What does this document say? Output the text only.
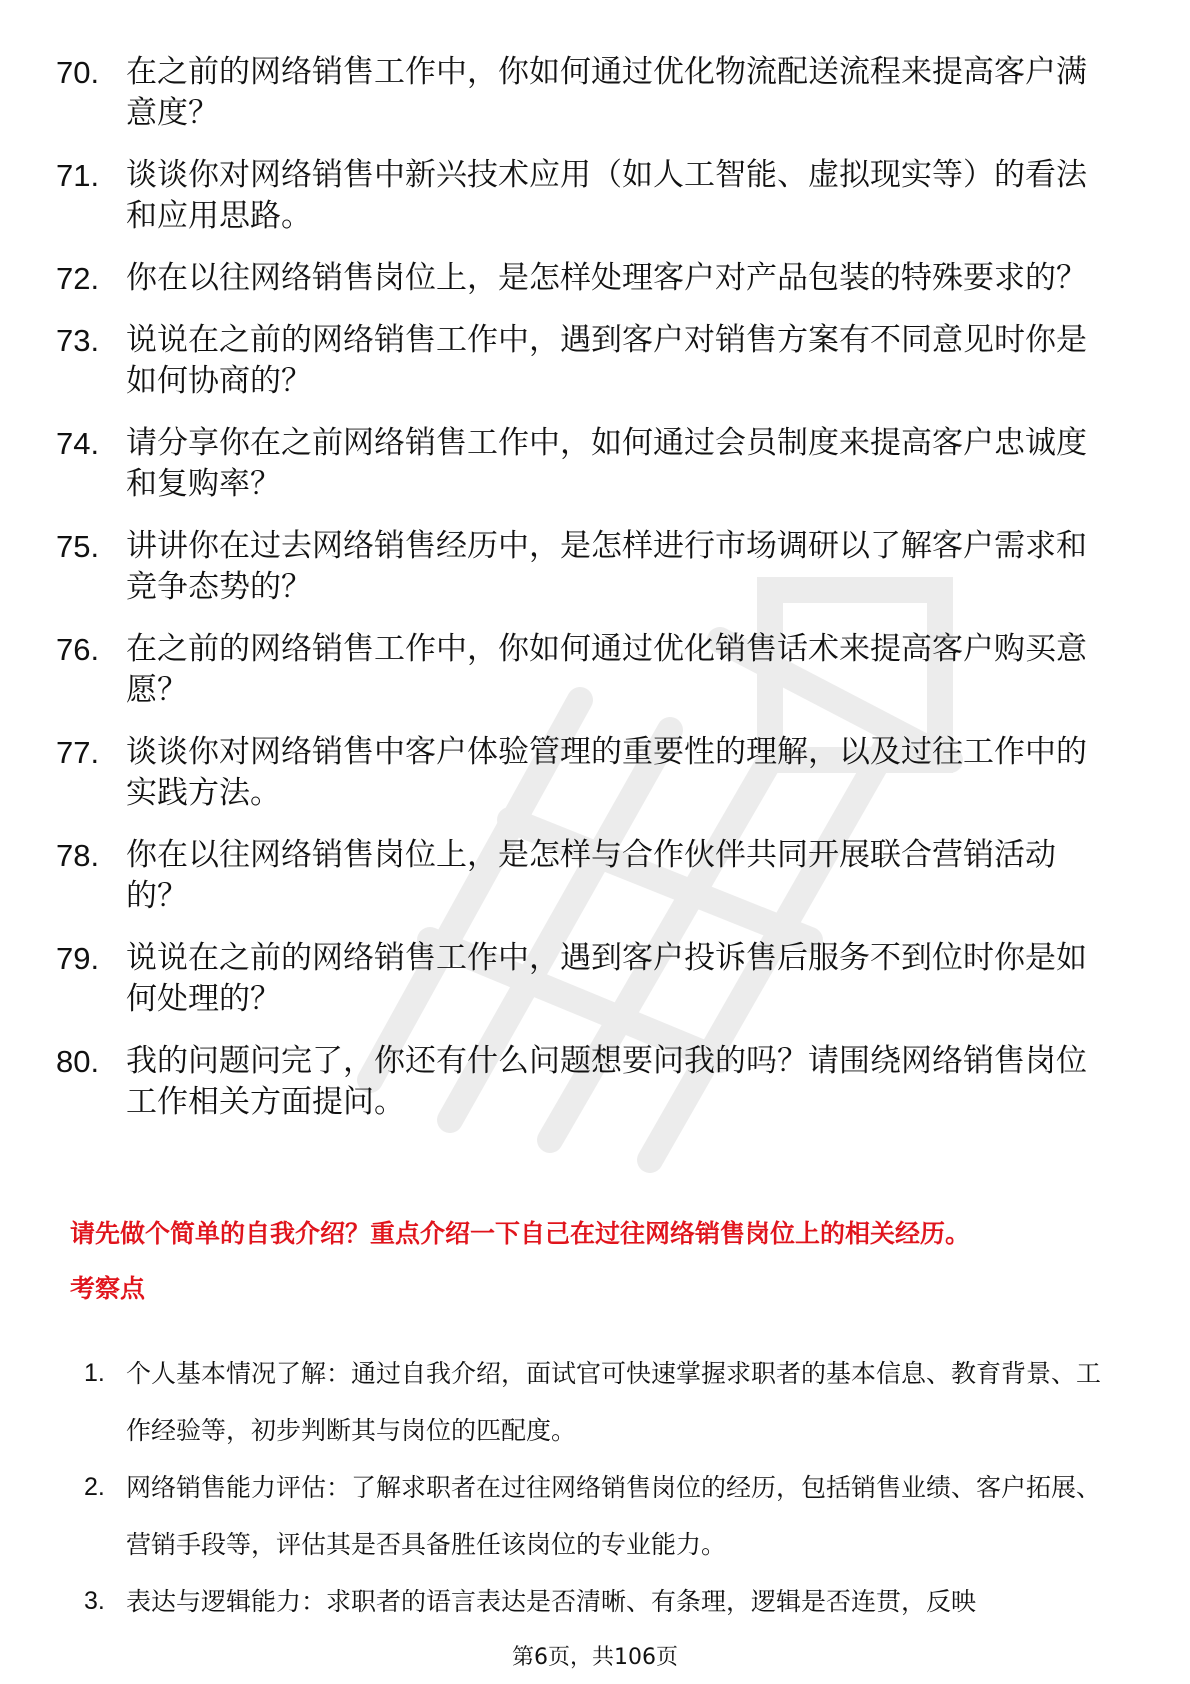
70. 在之前的网络销售工作中，你如何通过优化物流配送流程来提高客户满意度？
71. 谈谈你对网络销售中新兴技术应用（如人工智能、虚拟现实等）的看法和应用思路。
72. 你在以往网络销售岗位上，是怎样处理客户对产品包装的特殊要求的？
73. 说说在之前的网络销售工作中，遇到客户对销售方案有不同意见时你是如何协商的？
74. 请分享你在之前网络销售工作中，如何通过会员制度来提高客户忠诚度和复购率？
75. 讲讲你在过去网络销售经历中，是怎样进行市场调研以了解客户需求和竞争态势的？
76. 在之前的网络销售工作中，你如何通过优化销售话术来提高客户购买意愿？
77. 谈谈你对网络销售中客户体验管理的重要性的理解，以及过往工作中的实践方法。
78. 你在以往网络销售岗位上，是怎样与合作伙伴共同开展联合营销活动的？
79. 说说在之前的网络销售工作中，遇到客户投诉售后服务不到位时你是如何处理的？
80. 我的问题问完了，你还有什么问题想要问我的吗？请围绕网络销售岗位工作相关方面提问。
请先做个简单的自我介绍？重点介绍一下自己在过往网络销售岗位上的相关经历。
考察点
1. 个人基本情况了解：通过自我介绍，面试官可快速掌握求职者的基本信息、教育背景、工作经验等，初步判断其与岗位的匹配度。
2. 网络销售能力评估：了解求职者在过往网络销售岗位的经历，包括销售业绩、客户拓展、营销手段等，评估其是否具备胜任该岗位的专业能力。
3. 表达与逻辑能力：求职者的语言表达是否清晰、有条理，逻辑是否连贯，反映
第6页，共106页
